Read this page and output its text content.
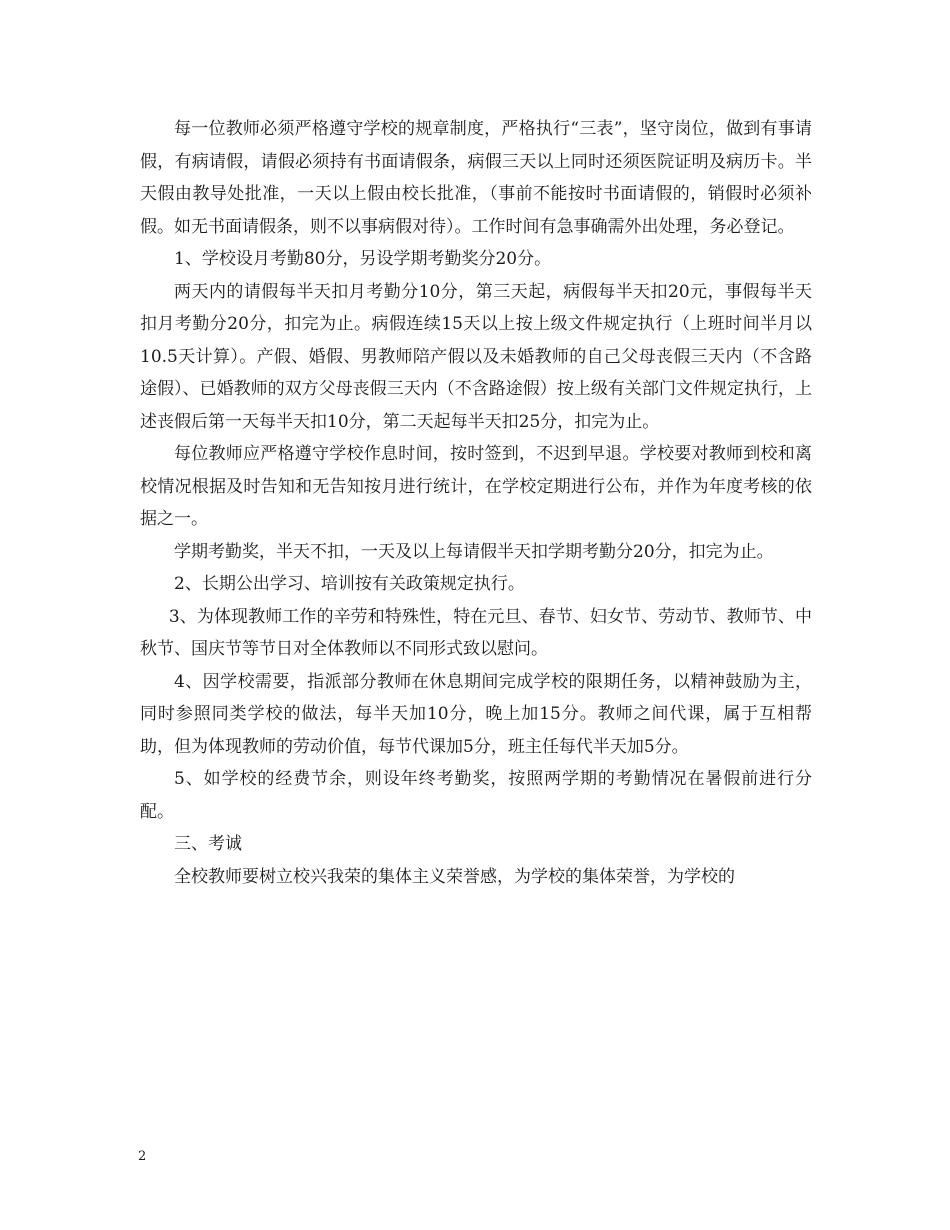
每一位教师必须严格遵守学校的规章制度，严格执行“三表”，坚守岗位，做到有事请假，有病请假，请假必须持有书面请假条，病假三天以上同时还须医院证明及病历卡。半天假由教导处批准，一天以上假由校长批准，（事前不能按时书面请假的，销假时必须补假。如无书面请假条，则不以事病假对待）。工作时间有急事确需外出处理，务必登记。

1、学校设月考勤80分，另设学期考勤奖分20分。

两天内的请假每半天扣月考勤分10分，第三天起，病假每半天扣20元，事假每半天扣月考勤分20分，扣完为止。病假连续15天以上按上级文件规定执行（上班时间半月以10.5天计算）。产假、婚假、男教师陪产假以及未婚教师的自己父母丧假三天内（不含路途假）、已婚教师的双方父母丧假三天内（不含路途假）按上级有关部门文件规定执行，上述丧假后第一天每半天扣10分，第二天起每半天扣25分，扣完为止。

每位教师应严格遵守学校作息时间，按时签到，不迟到早退。学校要对教师到校和离校情况根据及时告知和无告知按月进行统计，在学校定期进行公布，并作为年度考核的依据之一。

学期考勤奖，半天不扣，一天及以上每请假半天扣学期考勤分20分，扣完为止。

2、长期公出学习、培训按有关政策规定执行。

3、为体现教师工作的辛劳和特殊性，特在元旦、春节、妇女节、劳动节、教师节、中秋节、国庆节等节日对全体教师以不同形式致以慰问。

4、因学校需要，指派部分教师在休息期间完成学校的限期任务，以精神鼓励为主，同时参照同类学校的做法，每半天加10分，晚上加15分。教师之间代课，属于互相帮助，但为体现教师的劳动价值，每节代课加5分，班主任每代半天加5分。

5、如学校的经费节余，则设年终考勤奖，按照两学期的考勤情况在暑假前进行分配。

三、考诚

全校教师要树立校兴我荣的集体主义荣誉感，为学校的集体荣誉，为学校的

2
